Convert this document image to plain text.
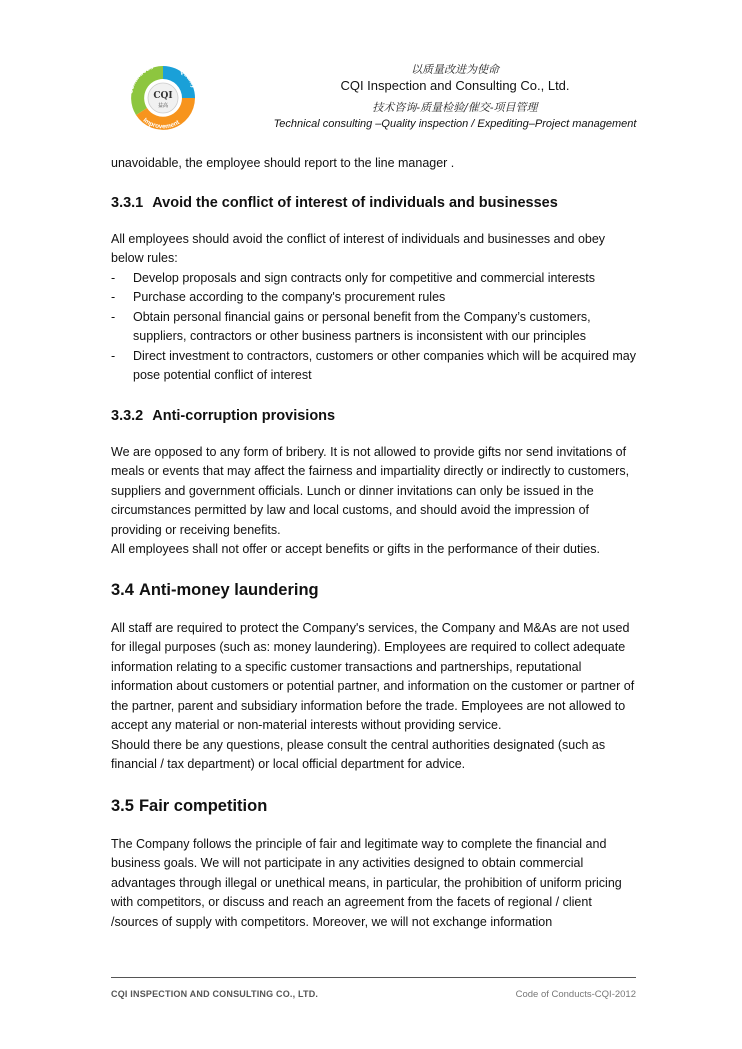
CQI
益高
Continuous
Quality
Improvement
以质量改进为使命
CQI Inspection and Consulting Co., Ltd.
技术咨询-质量检验/催交-项目管理
Technical consulting –Quality inspection / Expediting–Project management

unavoidable, the employee should report to the line manager .

3.3.1 Avoid the conflict of interest of individuals and businesses

All employees should avoid the conflict of interest of individuals and businesses and obey below rules:

- Develop proposals and sign contracts only for competitive and commercial interests
- Purchase according to the company's procurement rules
- Obtain personal financial gains or personal benefit from the Company’s customers, suppliers, contractors or other business partners is inconsistent with our principles
- Direct investment to contractors, customers or other companies which will be acquired may pose potential conflict of interest
3.3.2 Anti-corruption provisions

We are opposed to any form of bribery. It is not allowed to provide gifts nor send invitations of meals or events that may affect the fairness and impartiality directly or indirectly to customers, suppliers and government officials. Lunch or dinner invitations can only be issued in the circumstances permitted by law and local customs, and should avoid the impression of providing or receiving benefits.

All employees shall not offer or accept benefits or gifts in the performance of their duties.

3.4 Anti-money laundering

All staff are required to protect the Company's services, the Company and M&As are not used for illegal purposes (such as: money laundering). Employees are required to collect adequate information relating to a specific customer transactions and partnerships, reputational information about customers or potential partner, and information on the customer or partner of the partner, parent and subsidiary information before the trade. Employees are not allowed to accept any material or non-material interests without providing service.

Should there be any questions, please consult the central authorities designated (such as financial / tax department) or local official department for advice.

3.5 Fair competition

The Company follows the principle of fair and legitimate way to complete the financial and business goals. We will not participate in any activities designed to obtain commercial advantages through illegal or unethical means, in particular, the prohibition of uniform pricing with competitors, or discuss and reach an agreement from the facets of regional / client /sources of supply with competitors. Moreover, we will not exchange information

CQI INSPECTION AND CONSULTING CO., LTD.	Code of Conducts-CQI-2012
